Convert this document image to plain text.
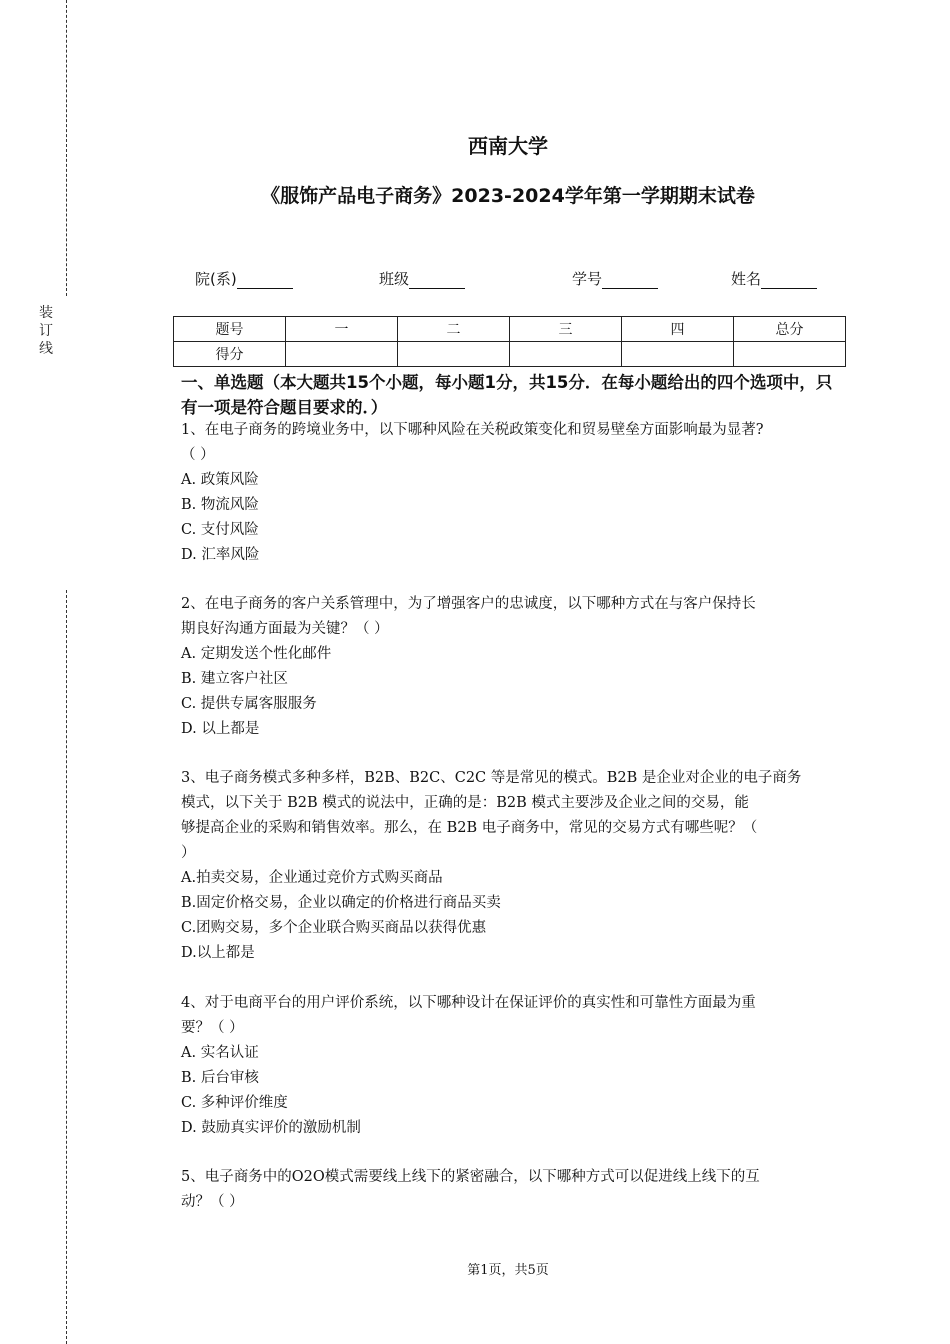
装
订
线
西南大学
《服饰产品电子商务》2023-2024学年第一学期期末试卷
院(系)	班级	学号	姓名
题号	一	二	三	四	总分
得分					
一、单选题（本大题共15个小题，每小题1分，共15分．在每小题给出的四个选项中，只有一项是符合题目要求的．）

1、在电子商务的跨境业务中，以下哪种风险在关税政策变化和贸易壁垒方面影响最为显著?

（ ）

A. 政策风险

B. 物流风险

C. 支付风险

D. 汇率风险

2、在电子商务的客户关系管理中，为了增强客户的忠诚度，以下哪种方式在与客户保持长

期良好沟通方面最为关键？（ ）

A. 定期发送个性化邮件

B. 建立客户社区

C. 提供专属客服服务

D. 以上都是

3、电子商务模式多种多样，B2B、B2C、C2C 等是常见的模式。B2B 是企业对企业的电子商务

模式，以下关于 B2B 模式的说法中，正确的是：B2B 模式主要涉及企业之间的交易，能

够提高企业的采购和销售效率。那么，在 B2B 电子商务中，常见的交易方式有哪些呢？（

）

A.拍卖交易，企业通过竞价方式购买商品

B.固定价格交易，企业以确定的价格进行商品买卖

C.团购交易，多个企业联合购买商品以获得优惠

D.以上都是

4、对于电商平台的用户评价系统，以下哪种设计在保证评价的真实性和可靠性方面最为重

要？（ ）

A. 实名认证

B. 后台审核

C. 多种评价维度

D. 鼓励真实评价的激励机制

5、电子商务中的O2O模式需要线上线下的紧密融合，以下哪种方式可以促进线上线下的互

动？（ ）

第1页，共5页
